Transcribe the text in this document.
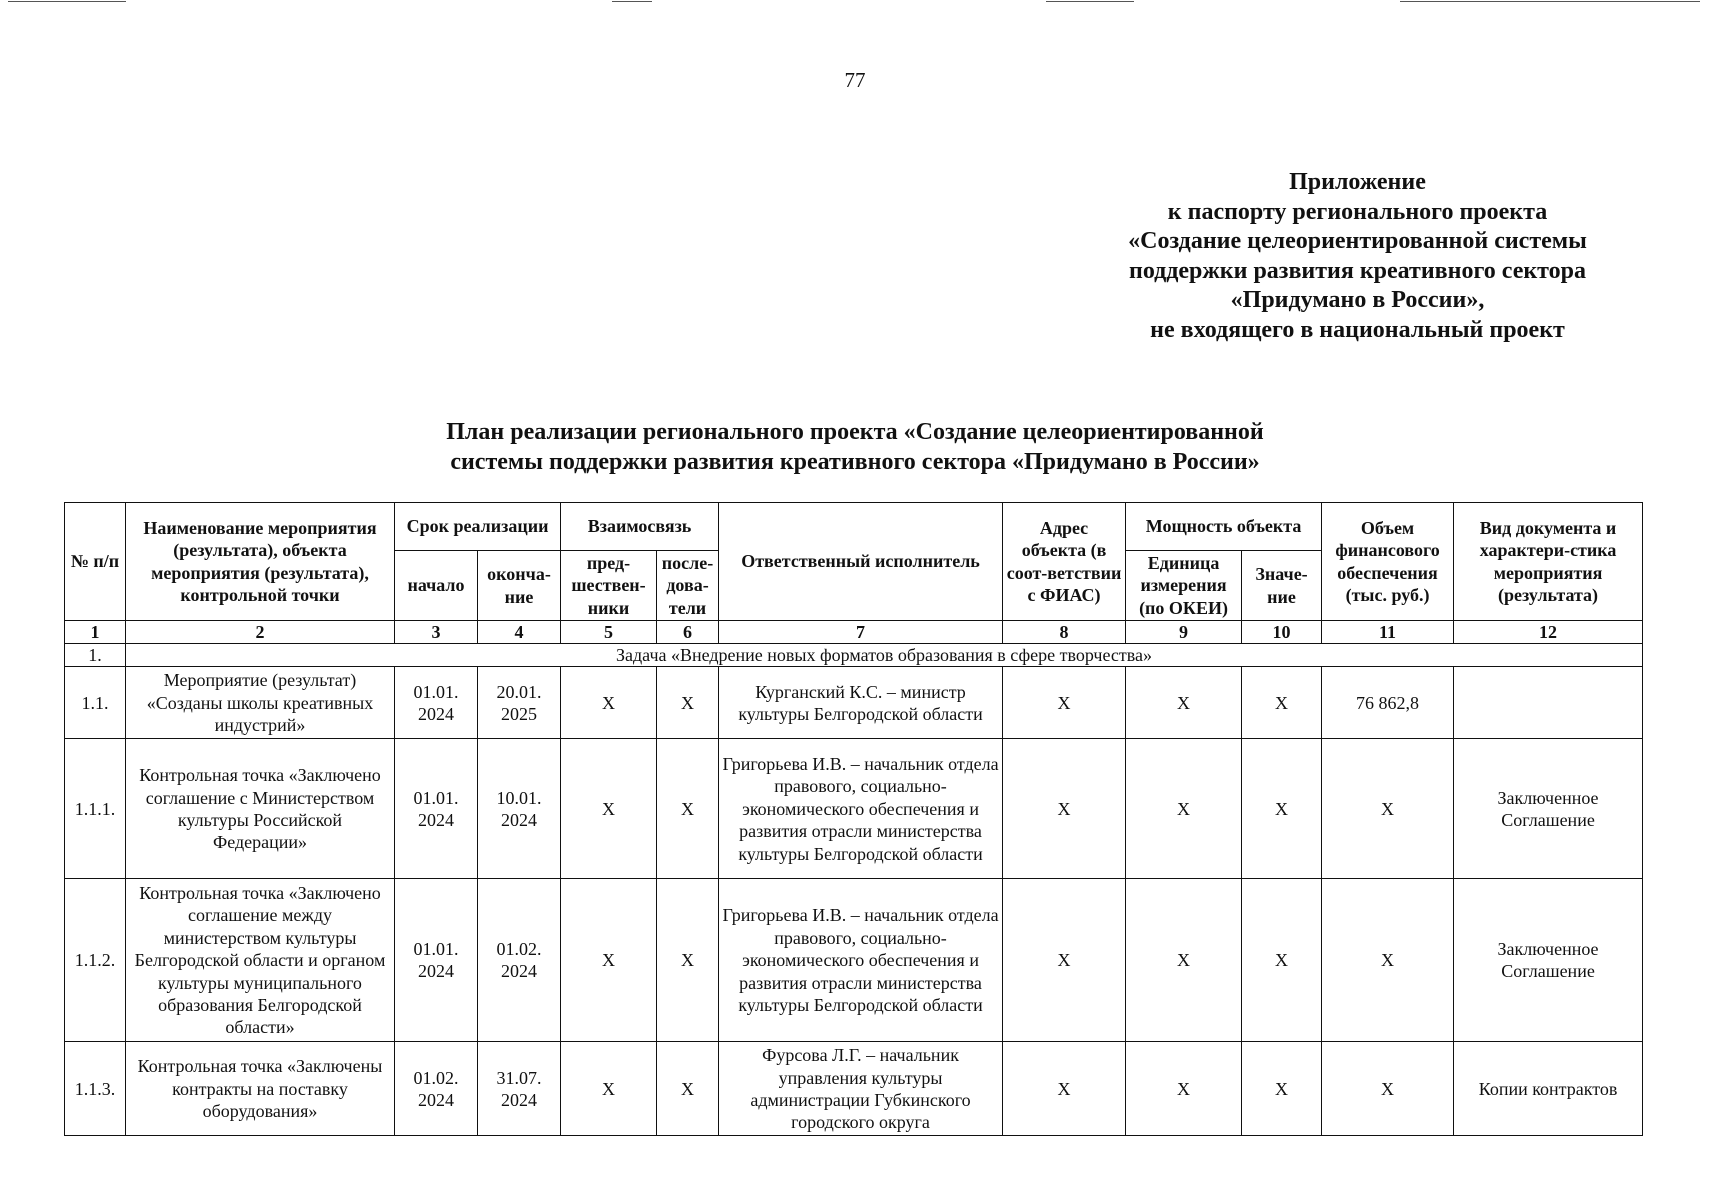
77
Приложение
к паспорту регионального проекта
«Создание целеориентированной системы
поддержки развития креативного сектора
«Придумано в России»,
не входящего в национальный проект
План реализации регионального проекта «Создание целеориентированной
системы поддержки развития креативного сектора «Придумано в России»
№ п/п	Наименование мероприятия (результата), объекта мероприятия (результата), контрольной точки	Срок реализации		Взаимосвязь		Ответственный исполнитель	Адрес объекта (в соот-ветствии с ФИАС)	Мощность объекта		Объем финансового обеспечения (тыс. руб.)	Вид документа и характери-стика мероприятия (результата)
		начало	оконча-ние	пред-шествен-ники	после-дова-тели			Единица измерения (по ОКЕИ)	Значе-ние		
1	2	3	4	5	6	7	8	9	10	11	12
1.	Задача «Внедрение новых форматов образования в сфере творчества»										
1.1.	Мероприятие (результат) «Созданы школы креативных индустрий»	01.01. 2024	20.01. 2025	X	X	Курганский К.С. – министр культуры Белгородской области	X	X	X	76 862,8	
1.1.1.	Контрольная точка «Заключено соглашение с Министерством культуры Российской Федерации»	01.01. 2024	10.01. 2024	X	X	Григорьева И.В. – начальник отдела правового, социально-экономического обеспечения и развития отрасли министерства культуры Белгородской области	X	X	X	X	Заключенное Соглашение
1.1.2.	Контрольная точка «Заключено соглашение между министерством культуры Белгородской области и органом культуры муниципального образования Белгородской области»	01.01. 2024	01.02. 2024	X	X	Григорьева И.В. – начальник отдела правового, социально-экономического обеспечения и развития отрасли министерства культуры Белгородской области	X	X	X	X	Заключенное Соглашение
1.1.3.	Контрольная точка «Заключены контракты на поставку оборудования»	01.02. 2024	31.07. 2024	X	X	Фурсова Л.Г. – начальник управления культуры администрации Губкинского городского округа	X	X	X	X	Копии контрактов
